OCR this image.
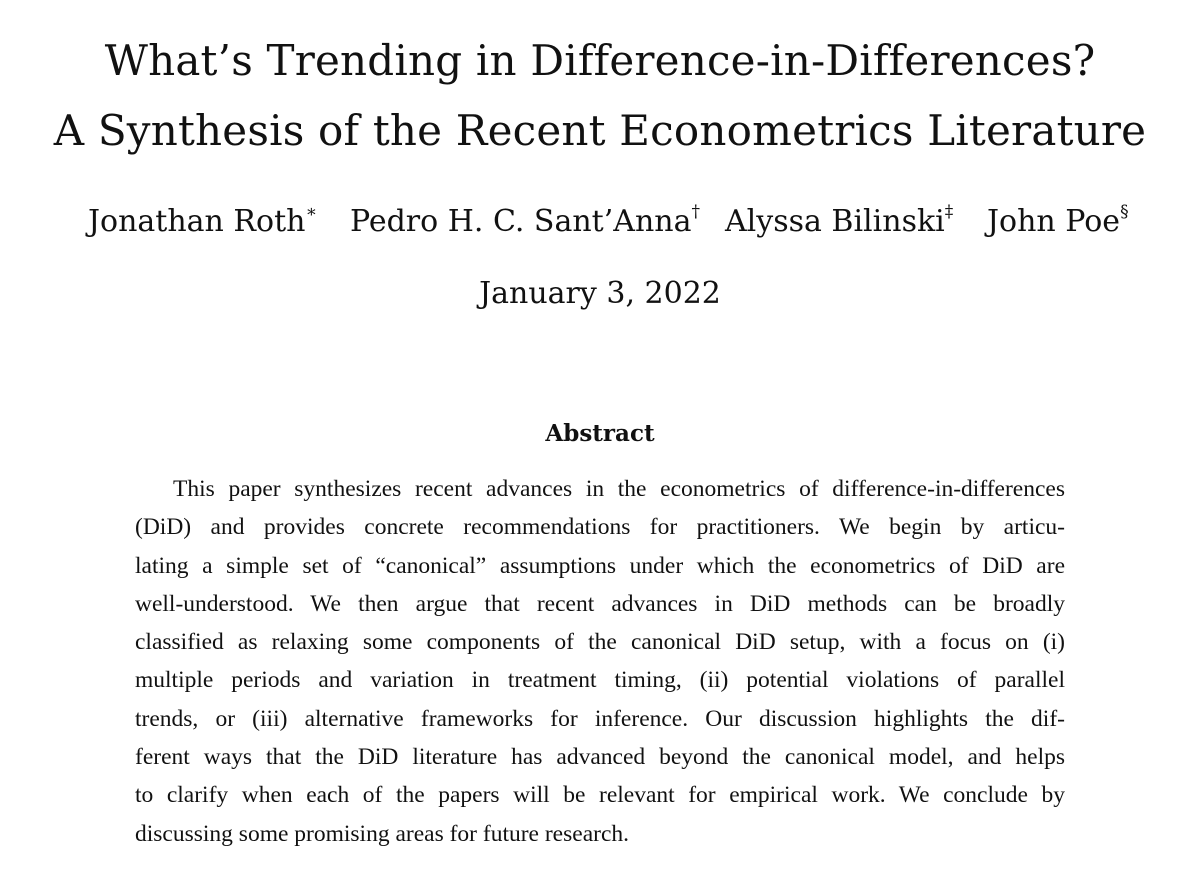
What’s Trending in Difference-in-Differences?
A Synthesis of the Recent Econometrics Literature
Jonathan Roth∗ Pedro H. C. Sant’Anna† Alyssa Bilinski‡ John Poe§
January 3, 2022
Abstract
This paper synthesizes recent advances in the econometrics of difference-in-differences
(DiD) and provides concrete recommendations for practitioners. We begin by articu-
lating a simple set of “canonical” assumptions under which the econometrics of DiD are
well-understood. We then argue that recent advances in DiD methods can be broadly
classified as relaxing some components of the canonical DiD setup, with a focus on (i)
multiple periods and variation in treatment timing, (ii) potential violations of parallel
trends, or (iii) alternative frameworks for inference. Our discussion highlights the dif-
ferent ways that the DiD literature has advanced beyond the canonical model, and helps
to clarify when each of the papers will be relevant for empirical work. We conclude by
discussing some promising areas for future research.
